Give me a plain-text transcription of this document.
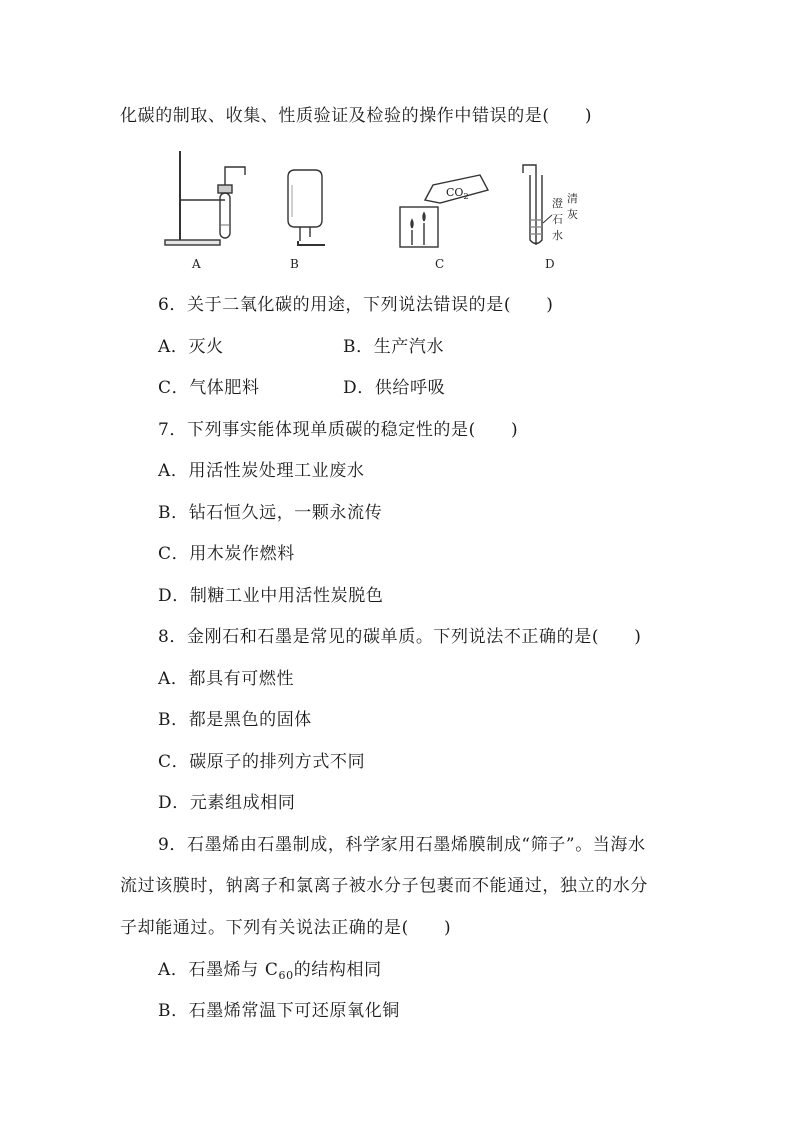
化碳的制取、收集、性质验证及检验的操作中错误的是(　　)
$CO_2$
澄 清
石 灰
水
A	B	C	D
6．关于二氧化碳的用途，下列说法错误的是(　　)
A．灭火	B．生产汽水
C．气体肥料	D．供给呼吸
7．下列事实能体现单质碳的稳定性的是(　　)
A．用活性炭处理工业废水
B．钻石恒久远，一颗永流传
C．用木炭作燃料
D．制糖工业中用活性炭脱色
8．金刚石和石墨是常见的碳单质。下列说法不正确的是(　　)
A．都具有可燃性
B．都是黑色的固体
C．碳原子的排列方式不同
D．元素组成相同
9．石墨烯由石墨制成，科学家用石墨烯膜制成“筛子”。当海水
流过该膜时，钠离子和氯离子被水分子包裹而不能通过，独立的水分
子却能通过。下列有关说法正确的是(　　)
A．石墨烯与 $C_{60}$的结构相同
B．石墨烯常温下可还原氧化铜
